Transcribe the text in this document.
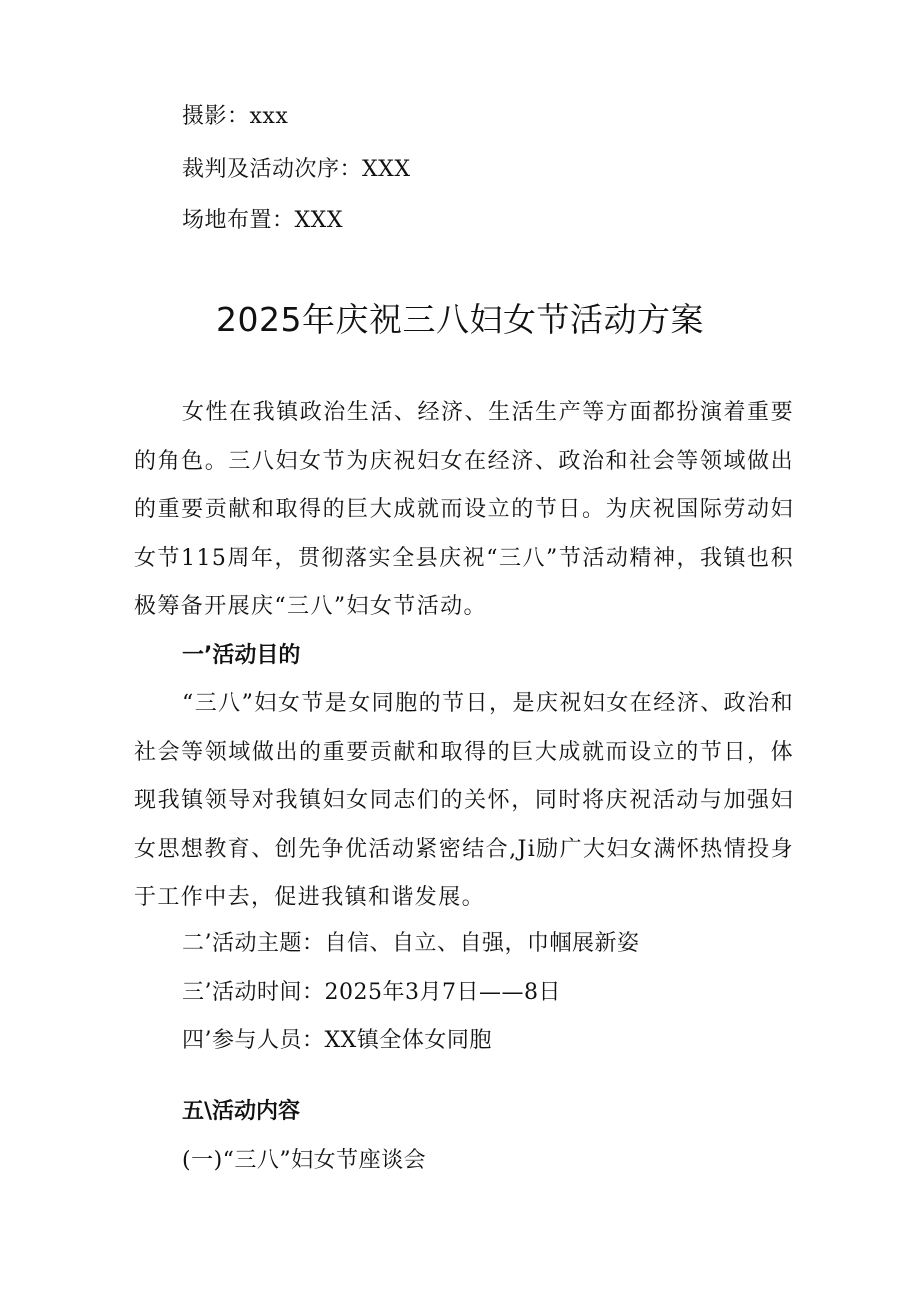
摄影：xxx
裁判及活动次序：XXX
场地布置：XXX
2025年庆祝三八妇女节活动方案

女性在我镇政治生活、经济、生活生产等方面都扮演着重要的角色。三八妇女节为庆祝妇女在经济、政治和社会等领域做出的重要贡献和取得的巨大成就而设立的节日。为庆祝国际劳动妇女节115周年，贯彻落实全县庆祝“三八”节活动精神，我镇也积极筹备开展庆“三八”妇女节活动。

一’活动目的

“三八”妇女节是女同胞的节日，是庆祝妇女在经济、政治和社会等领域做出的重要贡献和取得的巨大成就而设立的节日，体现我镇领导对我镇妇女同志们的关怀，同时将庆祝活动与加强妇女思想教育、创先争优活动紧密结合,Ji励广大妇女满怀热情投身于工作中去，促进我镇和谐发展。

二’活动主题：自信、自立、自强，巾帼展新姿
三’活动时间：2025年3月7日——8日
四’参与人员：XX镇全体女同胞
五\活动内容
(一)“三八”妇女节座谈会
